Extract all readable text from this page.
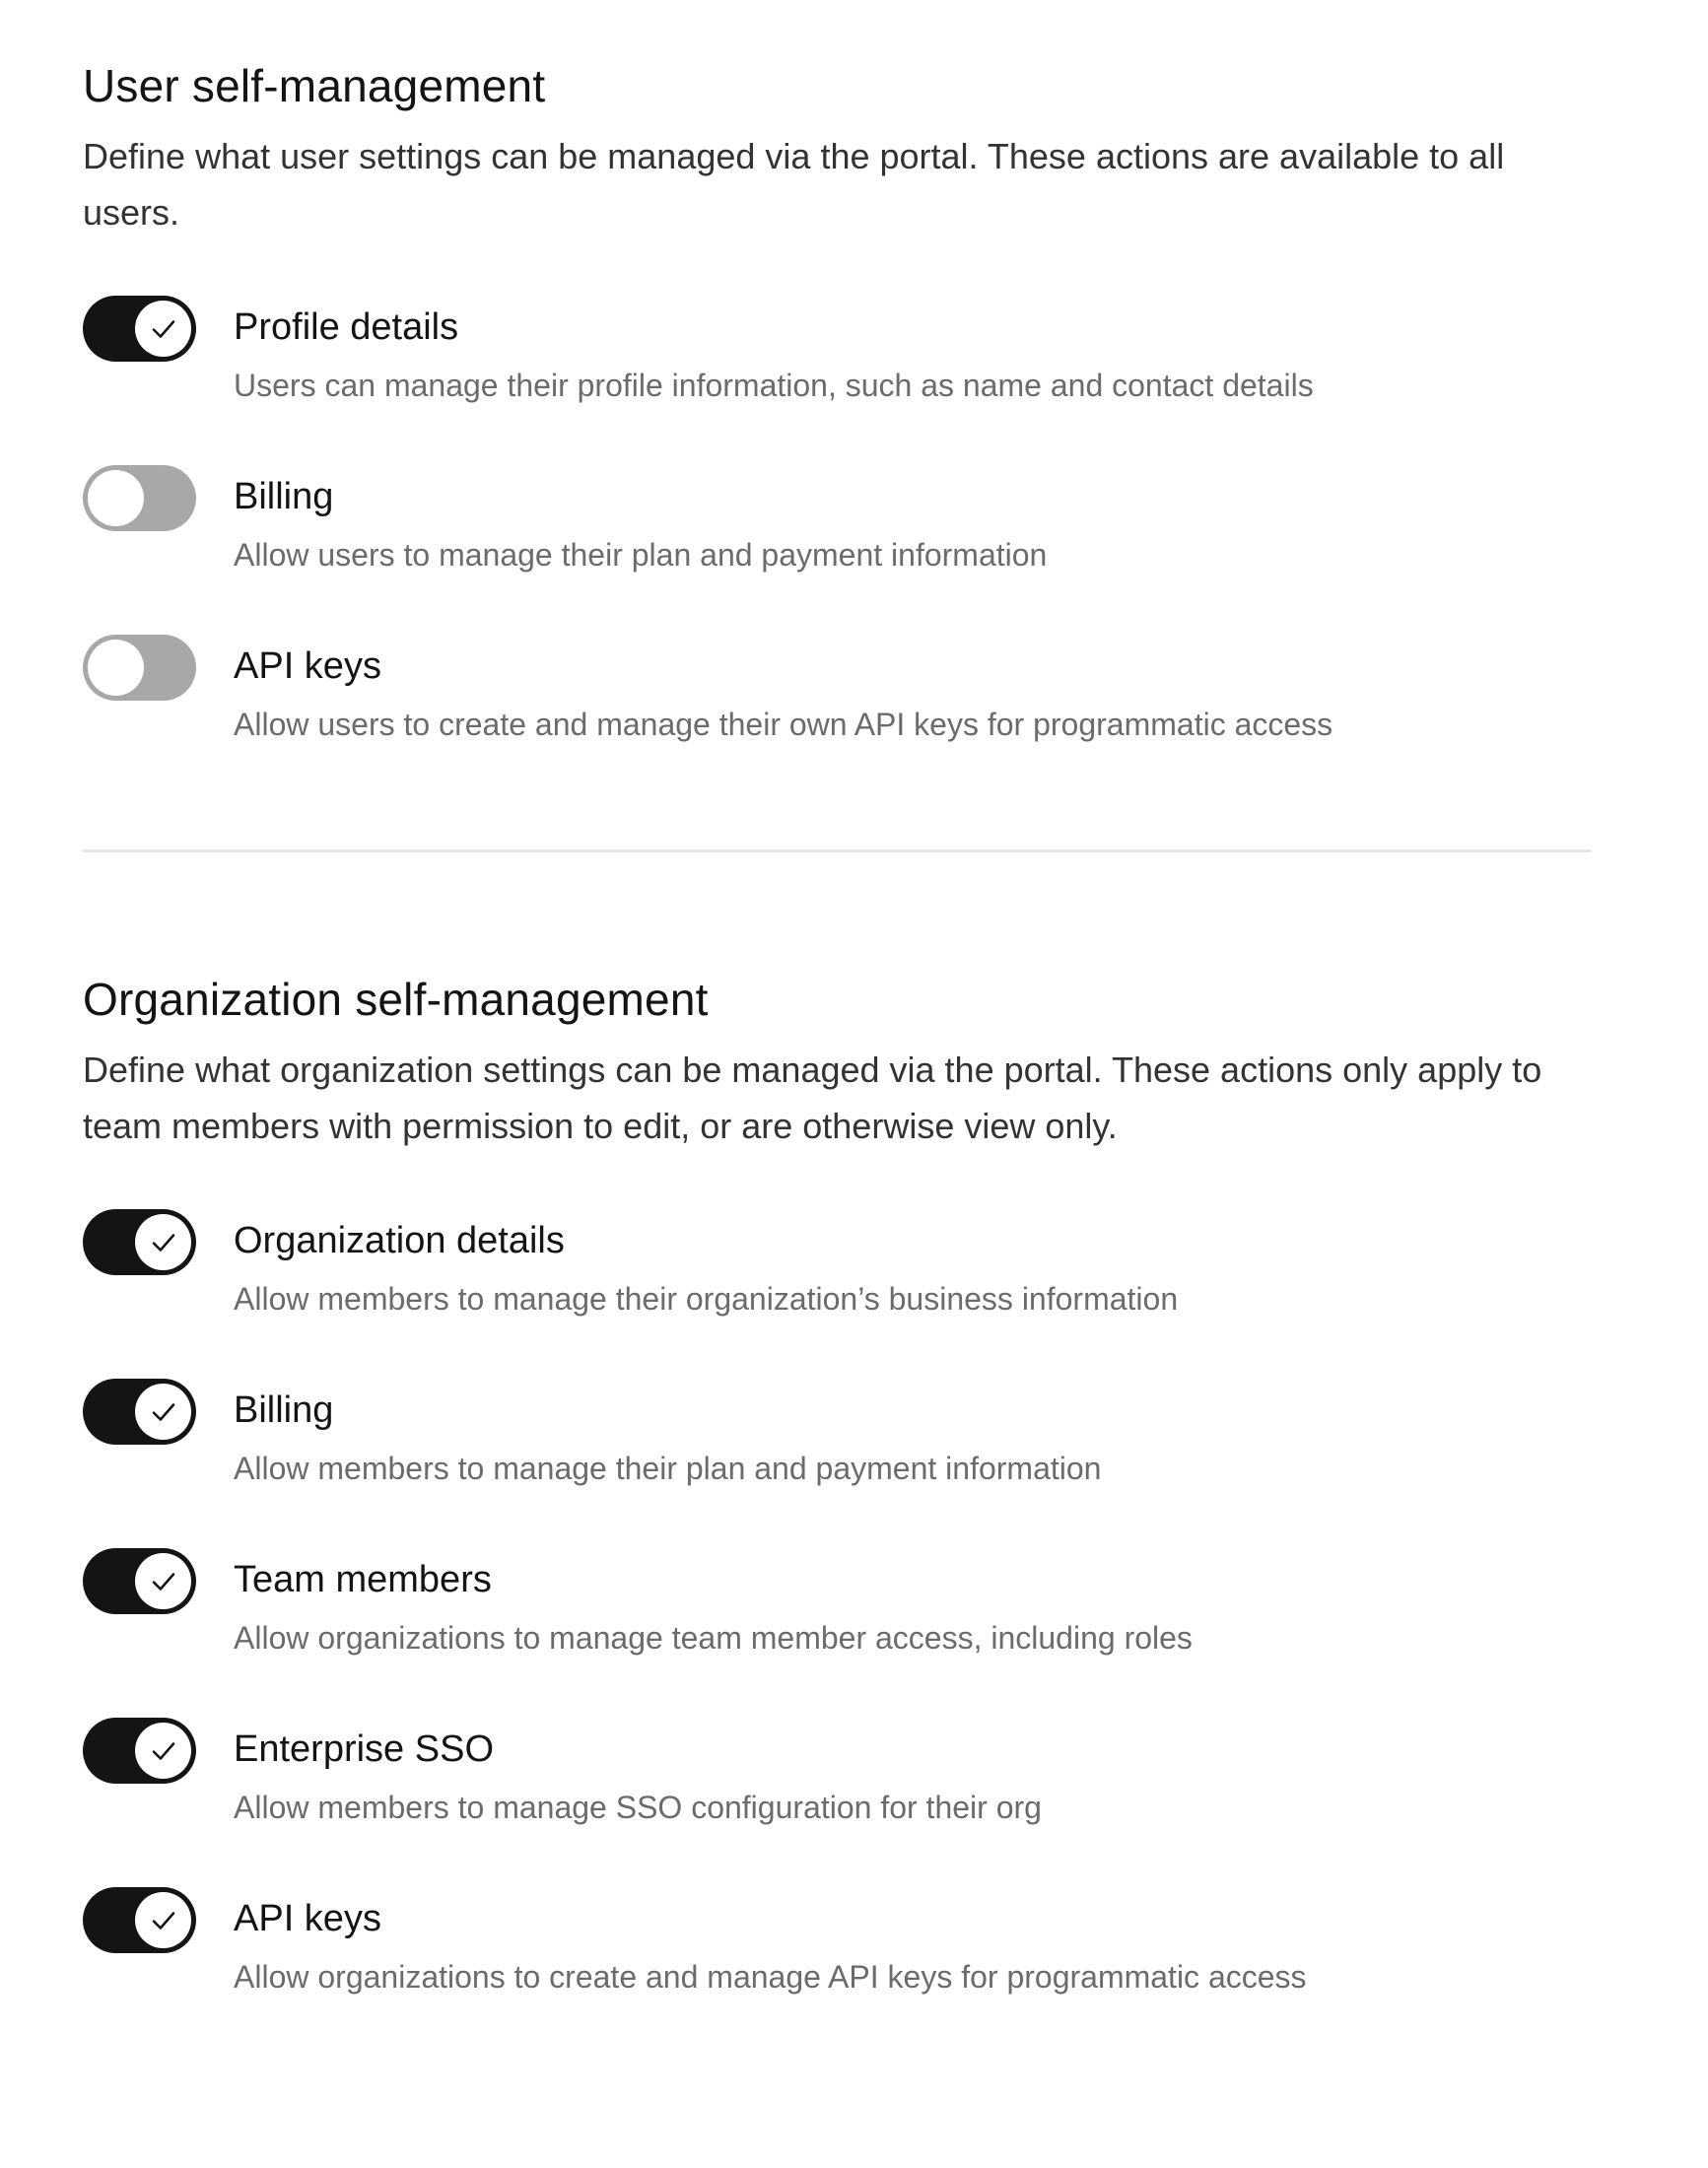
User self-management

Define what user settings can be managed via the portal. These actions are available to all users.

Profile details

Users can manage their profile information, such as name and contact details

Billing

Allow users to manage their plan and payment information

API keys

Allow users to create and manage their own API keys for programmatic access

Organization self-management

Define what organization settings can be managed via the portal. These actions only apply to team members with permission to edit, or are otherwise view only.

Organization details

Allow members to manage their organization’s business information

Billing

Allow members to manage their plan and payment information

Team members

Allow organizations to manage team member access, including roles

Enterprise SSO

Allow members to manage SSO configuration for their org

API keys

Allow organizations to create and manage API keys for programmatic access
